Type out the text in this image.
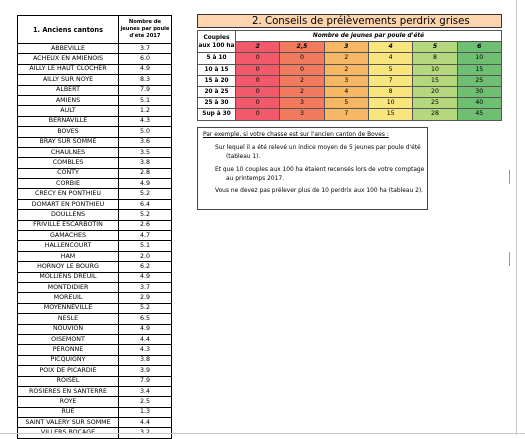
1. Anciens cantons	Nombre de jeunes par poule d'été 2017
ABBEVILLE	3.7
ACHEUX EN AMIENOIS	6.0
AILLY LE HAUT CLOCHER	4.9
AILLY SUR NOYE	8.3
ALBERT	7.9
AMIENS	5.1
AULT	1.2
BERNAVILLE	4.3
BOVES	5.0
BRAY SUR SOMME	3.6
CHAULNES	3.5
COMBLES	3.8
CONTY	2.8
CORBIE	4.9
CRECY EN PONTHIEU	5.2
DOMART EN PONTHIEU	6.4
DOULLENS	5.2
FRIVILLE ESCARBOTIN	2.6
GAMACHES	4.7
HALLENCOURT	5.1
HAM	2.0
HORNOY LE BOURG	6.2
MOLLIENS DREUIL	4.9
MONTDIDIER	3.7
MOREUIL	2.9
MOYENNEVILLE	5.2
NESLE	6.5
NOUVION	4.9
OISEMONT	4.4
PERONNE	4.3
PICQUIGNY	3.8
POIX DE PICARDIE	3.9
ROISEL	7.9
ROSIERES EN SANTERRE	3.4
ROYE	2.5
RUE	1.3
SAINT VALERY SUR SOMME	4.4

2. Conseils de prélèvements perdrix grises
Couples aux 100 ha	Nombre de jeunes par poule d'été					
	2	2,5	3	4	5	6
5 à 10	0	0	2	4	8	10
10 à 15	0	0	2	5	10	15
15 à 20	0	2	3	7	15	25
20 à 25	0	2	4	8	20	30
25 à 30	0	3	5	10	25	40
Sup à 30	0	3	7	15	28	45
Par exemple, si votre chasse est sur l'ancien canton de Boves :
Sur lequel il a été relevé un indice moyen de 5 jeunes par poule d'été
(tableau 1).
Et que 10 couples aux 100 ha étaient recensés lors de votre comptage
au printemps 2017.
Vous ne devez pas prélever plus de 10 perdrix aux 100 ha (tableau 2).
